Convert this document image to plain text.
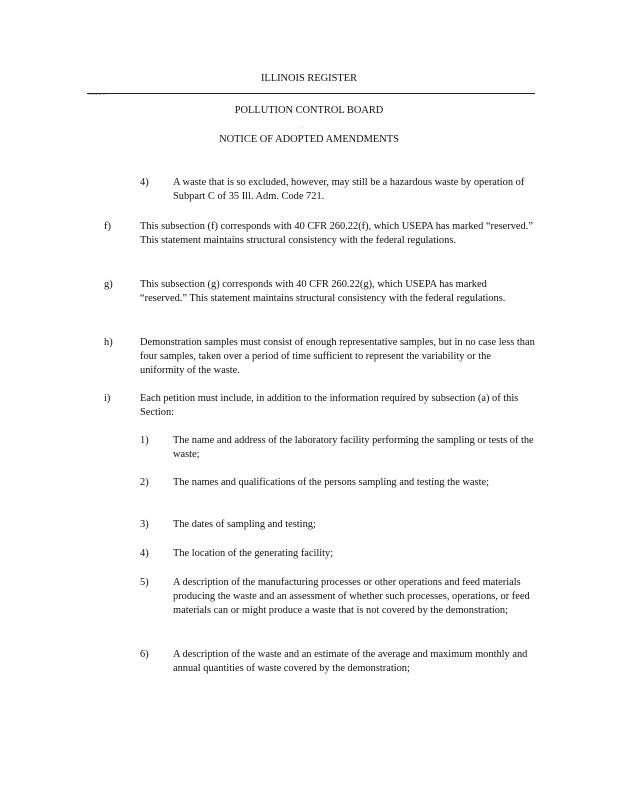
ILLINOIS REGISTER
......... ..
POLLUTION CONTROL BOARD
.
NOTICE OF ADOPTED AMENDMENTS
4) A waste that is so excluded, however, may still be a hazardous waste by operation of Subpart C of 35 Ill. Adm. Code 721.
f)	This subsection (f) corresponds with 40 CFR 260.22(f), which USEPA has marked “reserved.” This statement maintains structural consistency with the federal regulations.
g)	This subsection (g) corresponds with 40 CFR 260.22(g), which USEPA has marked “reserved.” This statement maintains structural consistency with the federal regulations.
h)	Demonstration samples must consist of enough representative samples, but in no case less than four samples, taken over a period of time sufficient to represent the variability or the uniformity of the waste.
i)	Each petition must include, in addition to the information required by subsection (a) of this Section:
1) The name and address of the laboratory facility performing the sampling or tests of the waste;
2) The names and qualifications of the persons sampling and testing the waste;
3) The dates of sampling and testing;
4) The location of the generating facility;
5) A description of the manufacturing processes or other operations and feed materials producing the waste and an assessment of whether such processes, operations, or feed materials can or might produce a waste that is not covered by the demonstration;
6) A description of the waste and an estimate of the average and maximum monthly and annual quantities of waste covered by the demonstration;
